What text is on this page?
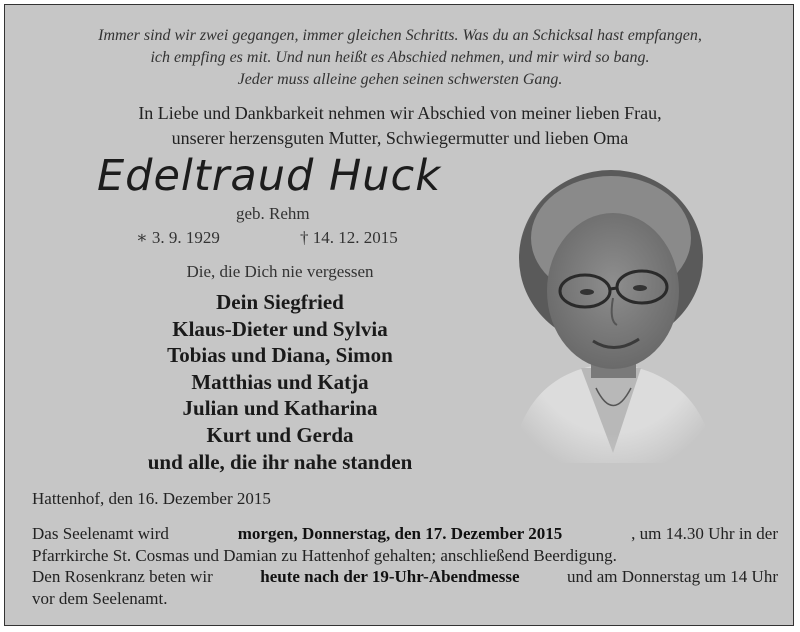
Immer sind wir zwei gegangen, immer gleichen Schritts. Was du an Schicksal hast empfangen,
ich empfing es mit. Und nun heißt es Abschied nehmen, und mir wird so bang.
Jeder muss alleine gehen seinen schwersten Gang.
In Liebe und Dankbarkeit nehmen wir Abschied von meiner lieben Frau,
unserer herzensguten Mutter, Schwiegermutter und lieben Oma
Edeltraud Huck
geb. Rehm
∗ 3. 9. 1929	† 14. 12. 2015
Die, die Dich nie vergessen
Dein Siegfried
Klaus-Dieter und Sylvia
Tobias und Diana, Simon
Matthias und Katja
Julian und Katharina
Kurt und Gerda
und alle, die ihr nahe standen
Hattenhof, den 16. Dezember 2015
Das Seelenamt wird	morgen, Donnerstag, den 17. Dezember 2015	, um 14.30 Uhr in der
Pfarrkirche St. Cosmas und Damian zu Hattenhof gehalten; anschließend Beerdigung.
Den Rosenkranz beten wir	heute nach der 19-Uhr-Abendmesse	und am Donnerstag um 14 Uhr
vor dem Seelenamt.
